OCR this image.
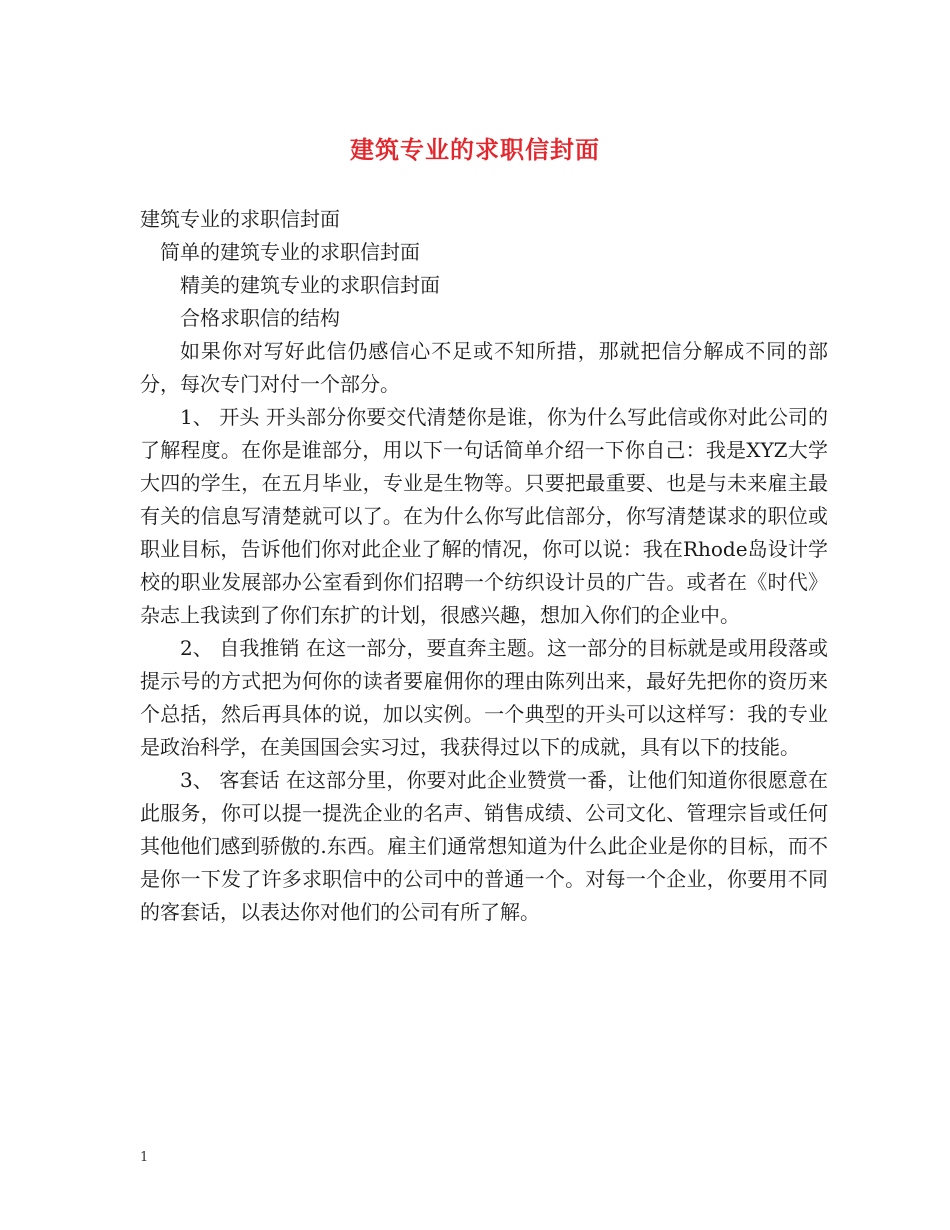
建筑专业的求职信封面

建筑专业的求职信封面

简单的建筑专业的求职信封面

精美的建筑专业的求职信封面

合格求职信的结构

如果你对写好此信仍感信心不足或不知所措，那就把信分解成不同的部分，每次专门对付一个部分。

1、 开头 开头部分你要交代清楚你是谁，你为什么写此信或你对此公司的了解程度。在你是谁部分，用以下一句话简单介绍一下你自己：我是XYZ大学大四的学生，在五月毕业，专业是生物等。只要把最重要、也是与未来雇主最有关的信息写清楚就可以了。在为什么你写此信部分，你写清楚谋求的职位或职业目标，告诉他们你对此企业了解的情况，你可以说：我在Rhode岛设计学校的职业发展部办公室看到你们招聘一个纺织设计员的广告。或者在《时代》杂志上我读到了你们东扩的计划，很感兴趣，想加入你们的企业中。

2、 自我推销 在这一部分，要直奔主题。这一部分的目标就是或用段落或提示号的方式把为何你的读者要雇佣你的理由陈列出来，最好先把你的资历来个总括，然后再具体的说，加以实例。一个典型的开头可以这样写：我的专业是政治科学，在美国国会实习过，我获得过以下的成就，具有以下的技能。

3、 客套话 在这部分里，你要对此企业赞赏一番，让他们知道你很愿意在此服务，你可以提一提洗企业的名声、销售成绩、公司文化、管理宗旨或任何其他他们感到骄傲的.东西。雇主们通常想知道为什么此企业是你的目标，而不是你一下发了许多求职信中的公司中的普通一个。对每一个企业，你要用不同的客套话，以表达你对他们的公司有所了解。

1
